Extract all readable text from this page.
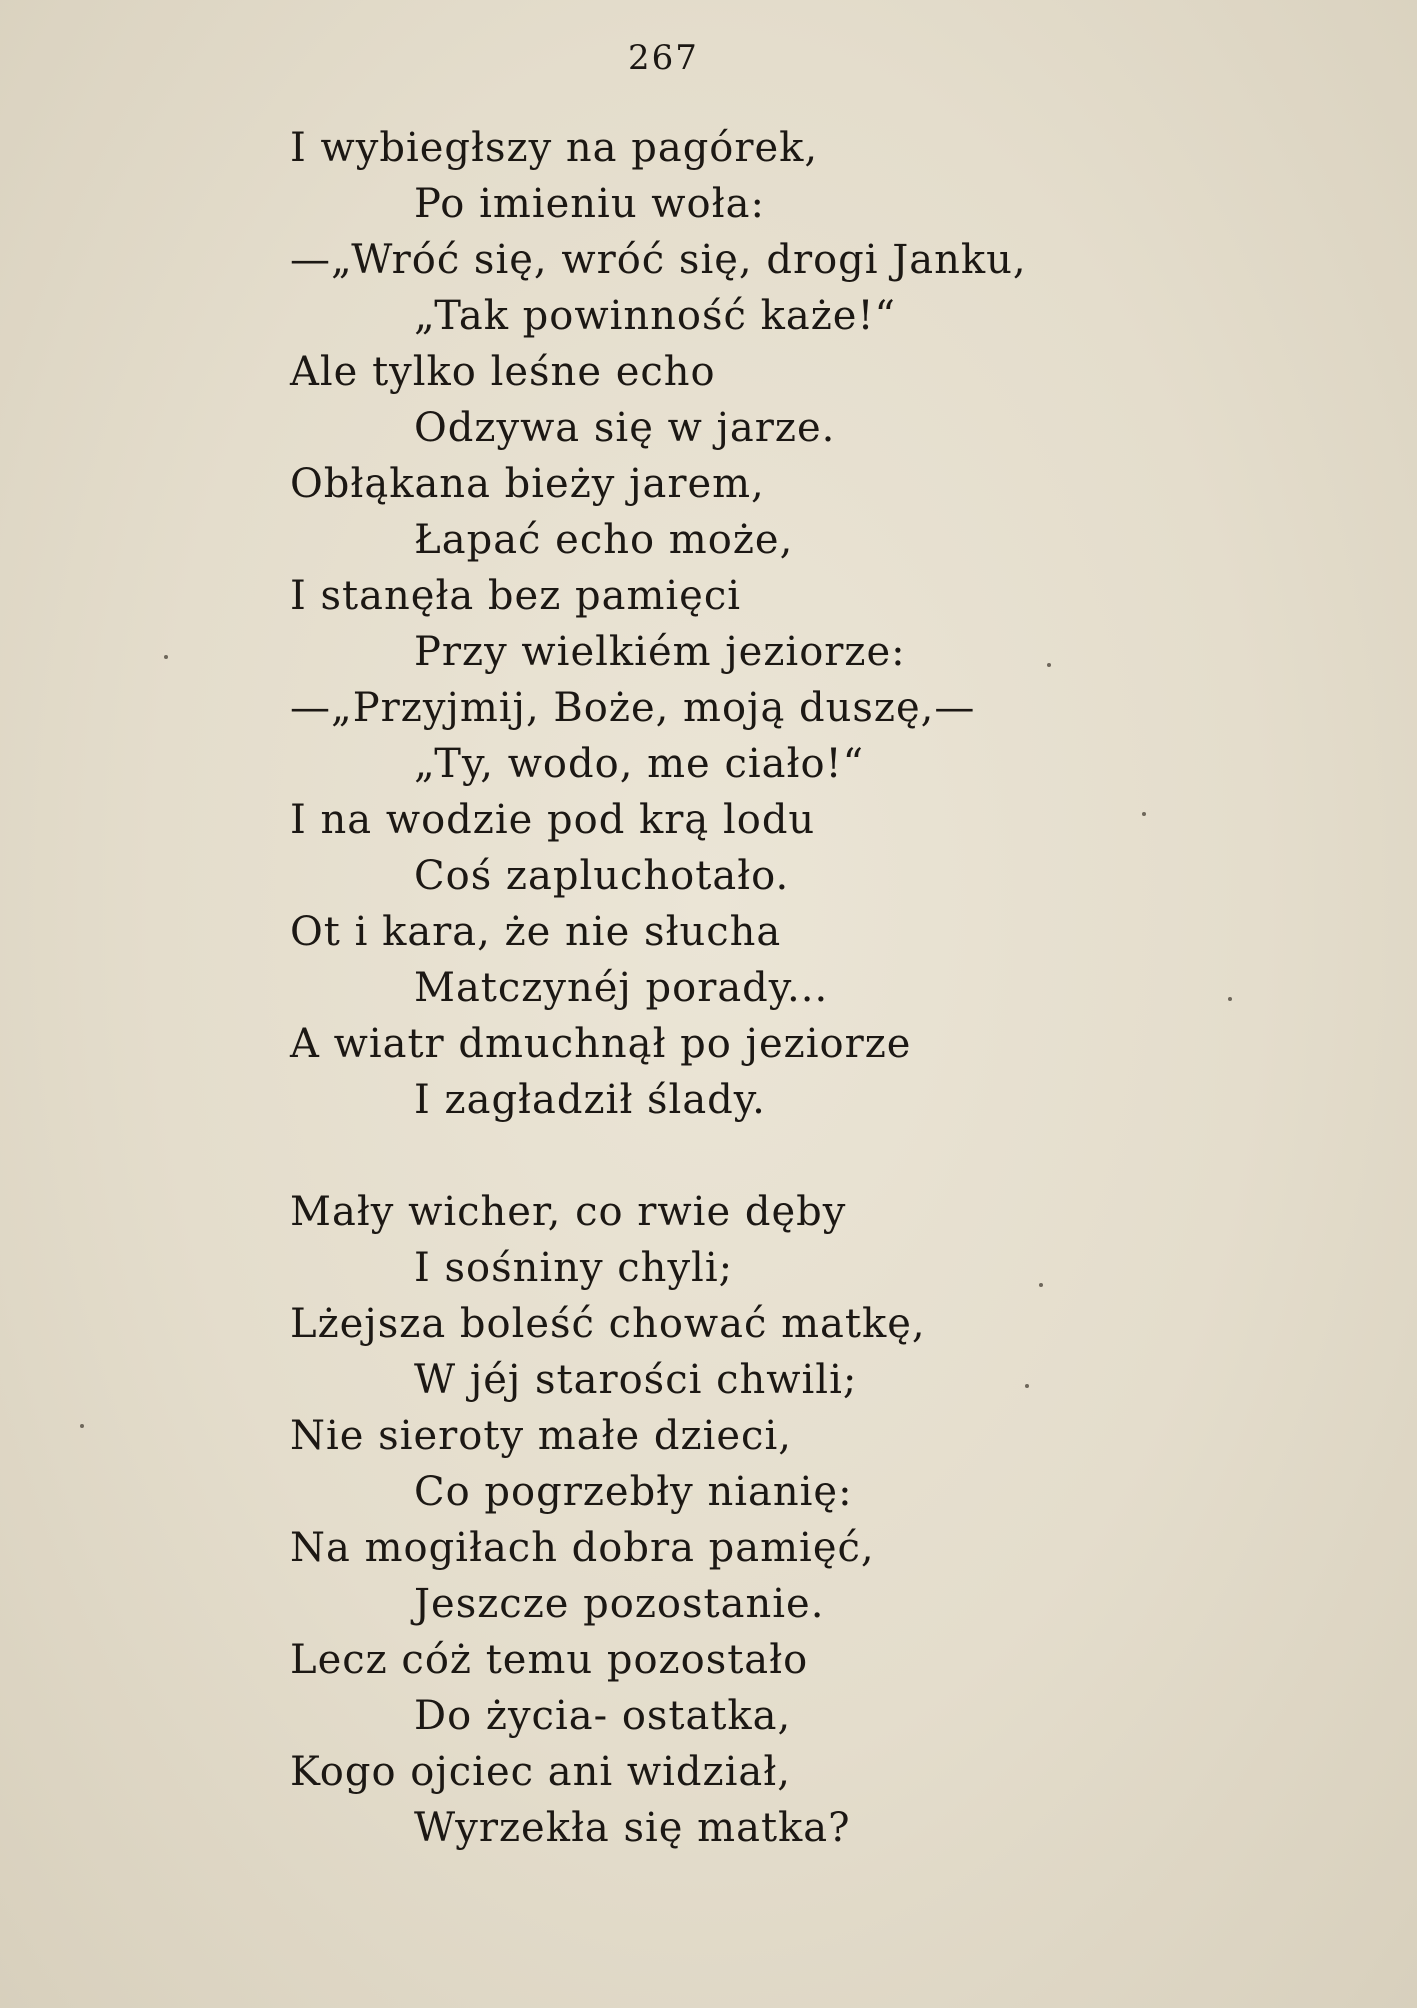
267
I wybiegłszy na pagórek,
Po imieniu woła:
—„Wróć się, wróć się, drogi Janku,
„Tak powinność każe!“
Ale tylko leśne echo
Odzywa się w jarze.
Obłąkana bieży jarem,
Łapać echo może,
I stanęła bez pamięci
Przy wielkiém jeziorze:
—„Przyjmij, Boże, moją duszę,—
„Ty, wodo, me ciało!“
I na wodzie pod krą lodu
Coś zapluchotało.
Ot i kara, że nie słucha
Matczynéj porady...
A wiatr dmuchnął po jeziorze
I zagładził ślady.
Mały wicher, co rwie dęby
I sośniny chyli;
Lżejsza boleść chować matkę,
W jéj starości chwili;
Nie sieroty małe dzieci,
Co pogrzebły nianię:
Na mogiłach dobra pamięć,
Jeszcze pozostanie.
Lecz cóż temu pozostało
Do życia- ostatka,
Kogo ojciec ani widział,
Wyrzekła się matka?
